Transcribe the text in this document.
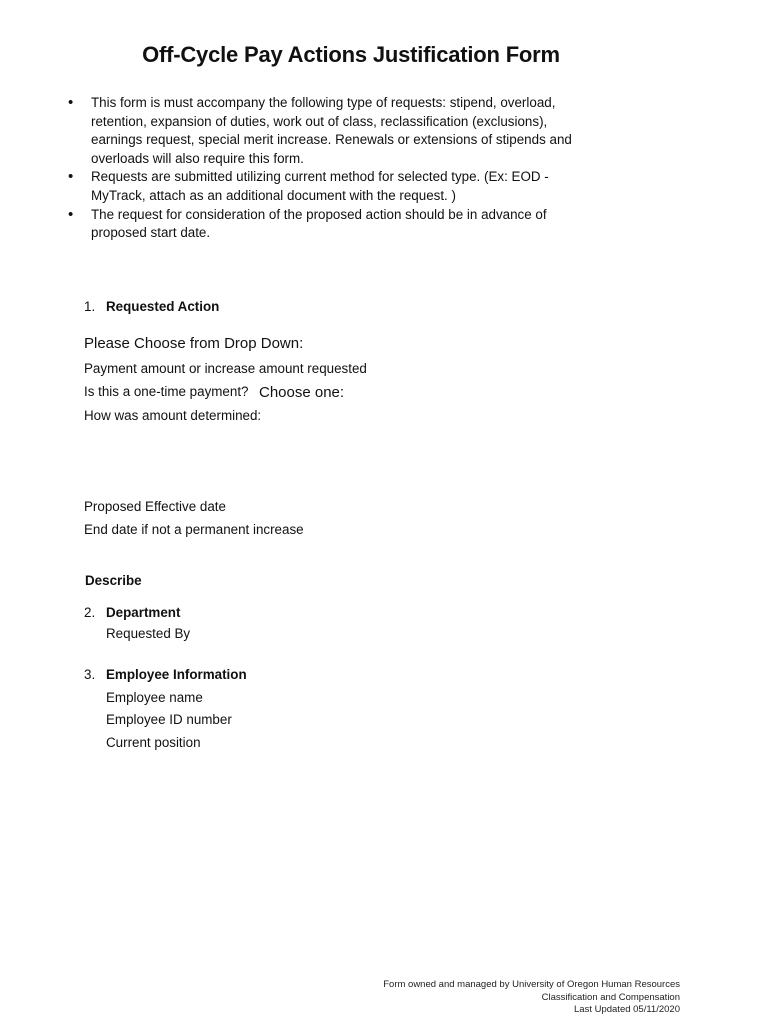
Off-Cycle Pay Actions Justification Form
• This form is must accompany the following type of requests: stipend, overload, retention, expansion of duties, work out of class, reclassification (exclusions), earnings request, special merit increase. Renewals or extensions of stipends and overloads will also require this form.
• Requests are submitted utilizing current method for selected type. (Ex: EOD - MyTrack, attach as an additional document with the request. )
• The request for consideration of the proposed action should be in advance of proposed start date.
1. Requested Action
Please Choose from Drop Down:
Payment amount or increase amount requested
Is this a one-time payment? Choose one:
How was amount determined:
Proposed Effective date
End date if not a permanent increase
Describe
2. Department
Requested By
3. Employee Information
Employee name
Employee ID number
Current position
Form owned and managed by University of Oregon Human Resources
Classification and Compensation
Last Updated 05/11/2020
